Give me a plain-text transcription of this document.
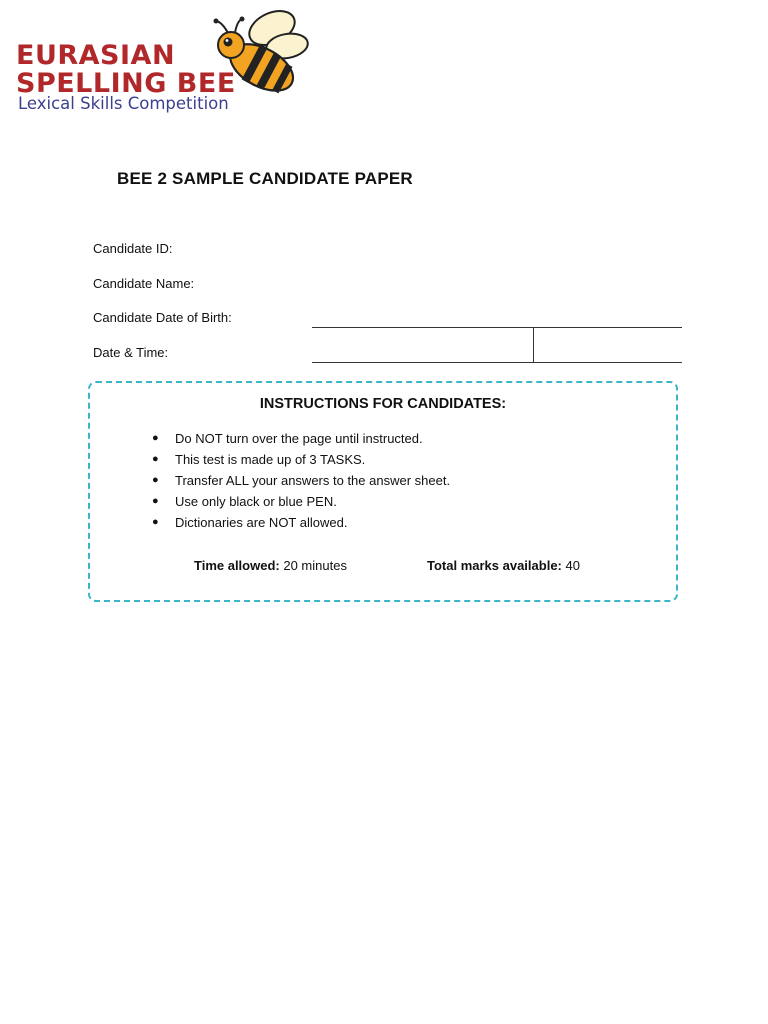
EURASIAN
SPELLING BEE
Lexical Skills Competition
BEE 2 SAMPLE CANDIDATE PAPER
Candidate ID:
Candidate Name:
Candidate Date of Birth:
Date & Time:
INSTRUCTIONS FOR CANDIDATES:
● Do NOT turn over the page until instructed.
● This test is made up of 3 TASKS.
● Transfer ALL your answers to the answer sheet.
● Use only black or blue PEN.
● Dictionaries are NOT allowed.
Time allowed: 20 minutes	Total marks available: 40
